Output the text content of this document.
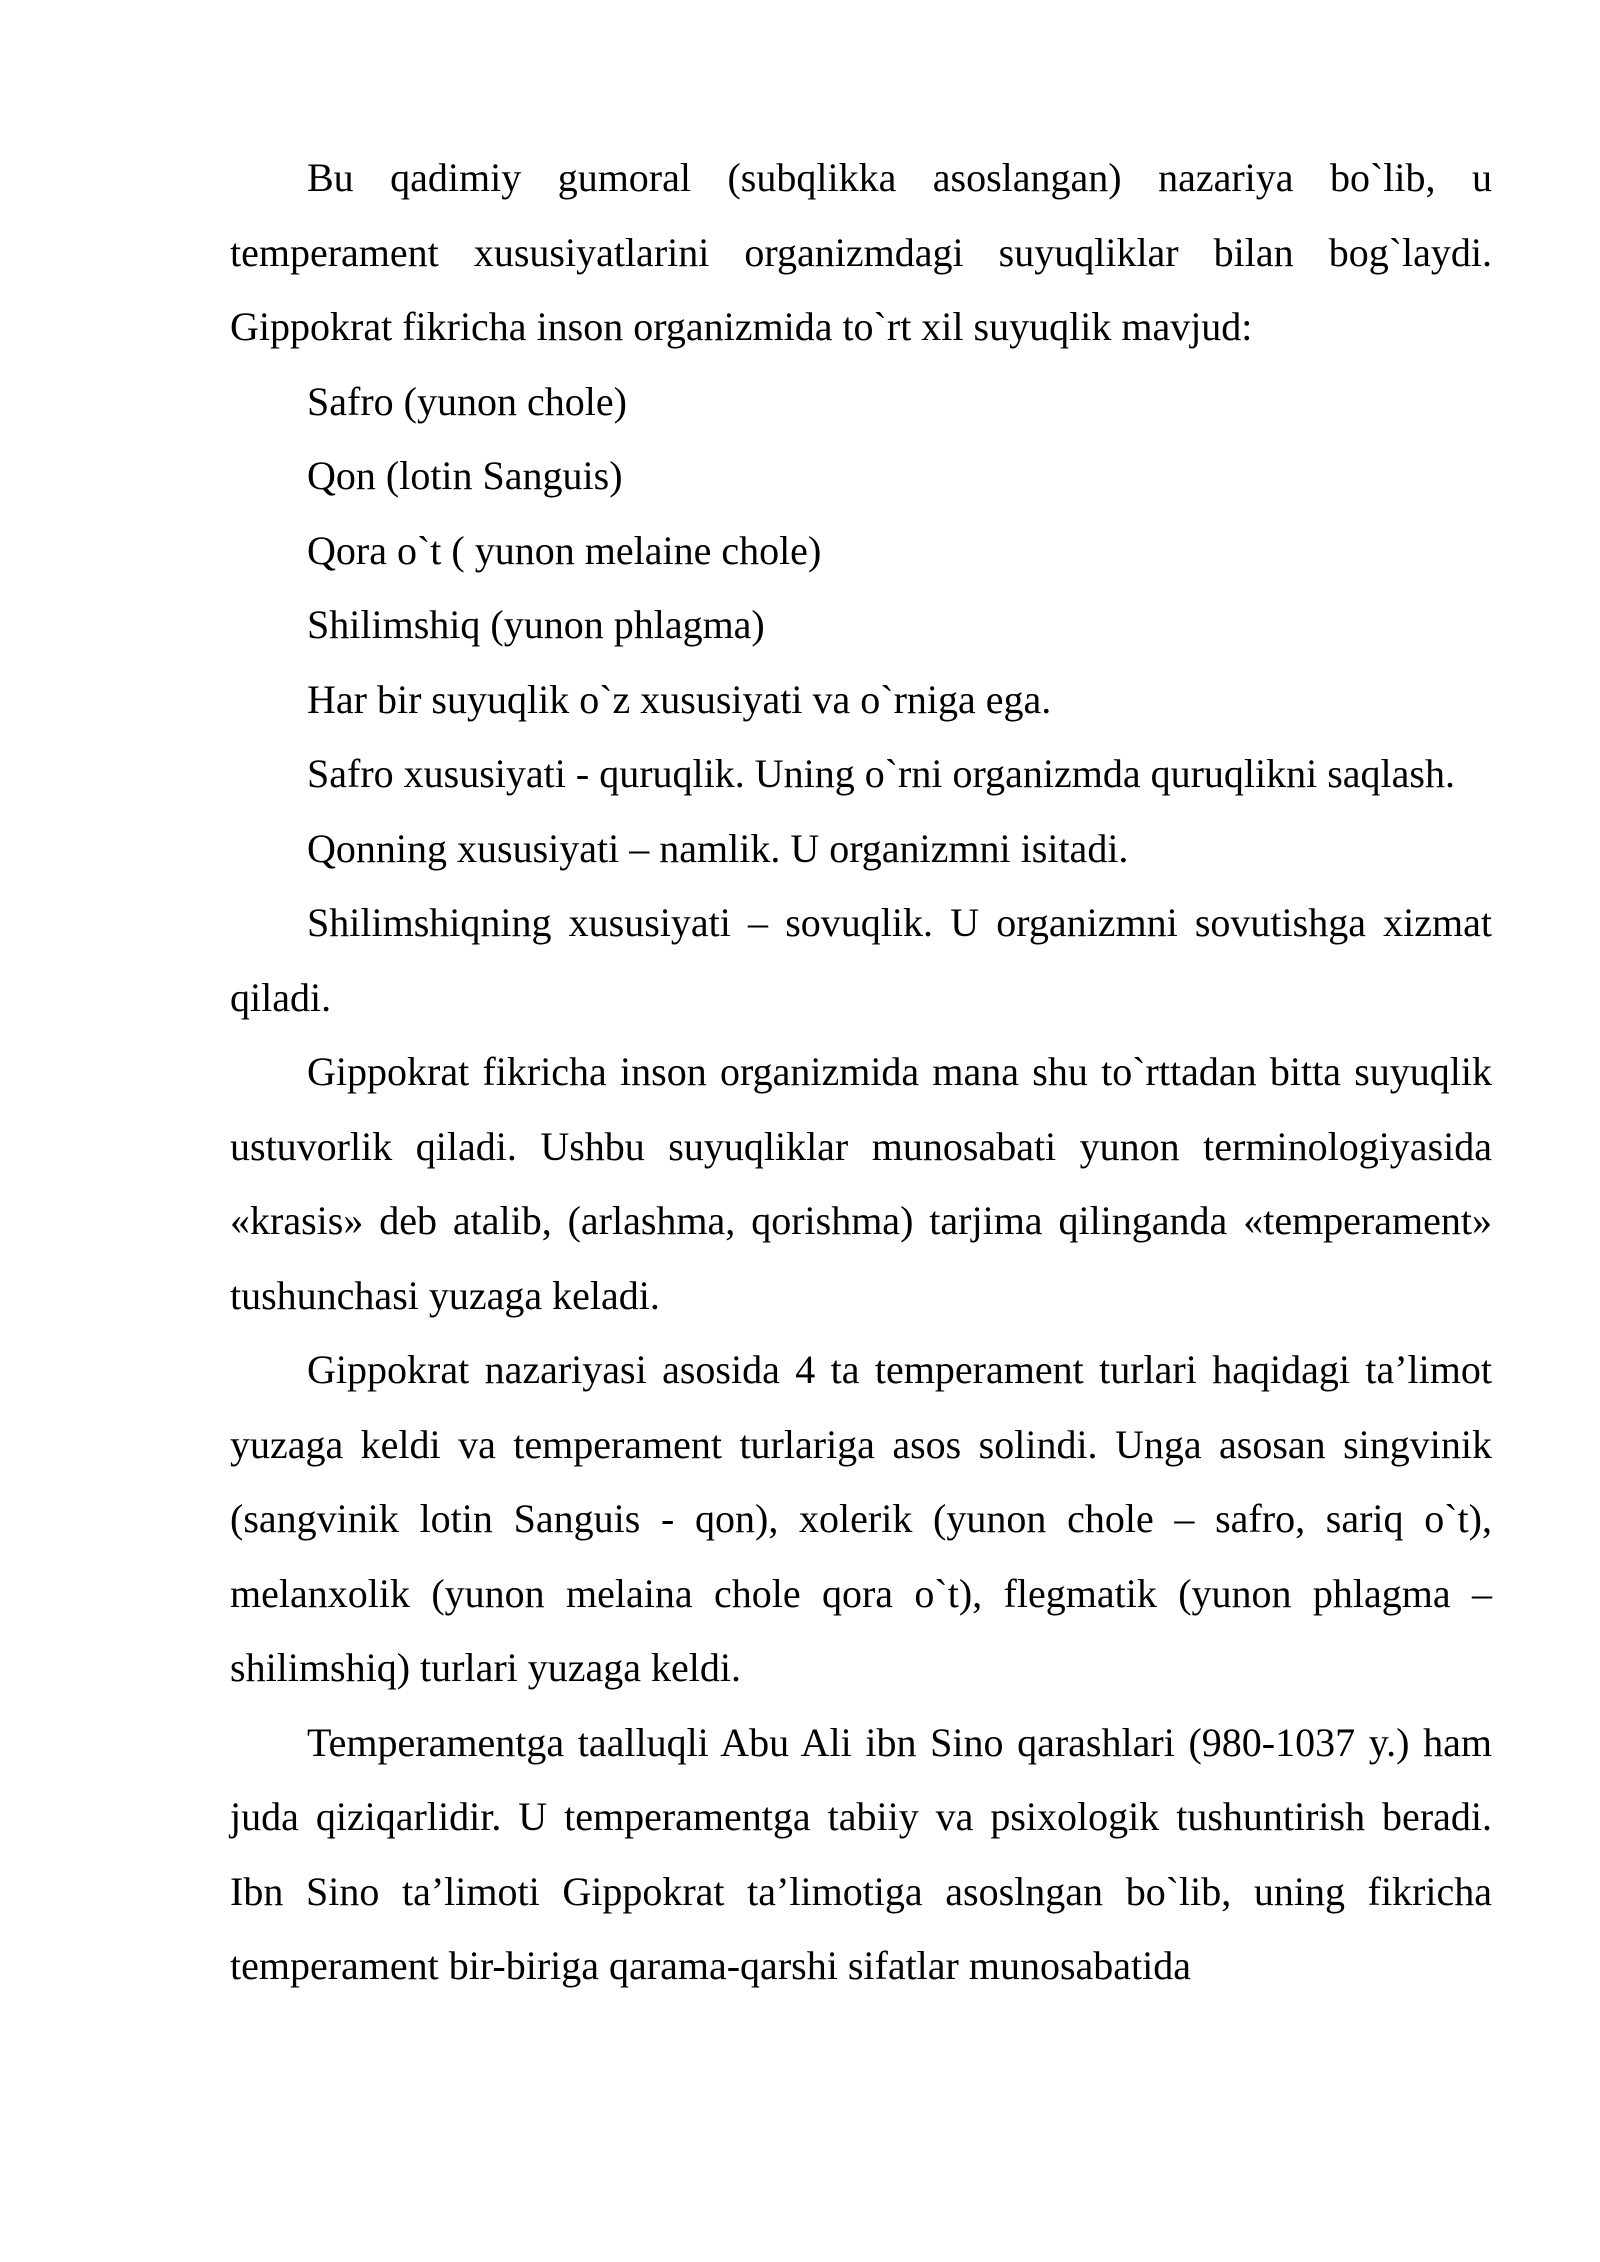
Bu qadimiy gumoral (subqlikka asoslangan) nazariya bo`lib, u temperament xususiyatlarini organizmdagi suyuqliklar bilan bog`laydi. Gippokrat fikricha inson organizmida to`rt xil suyuqlik mavjud:

Safro (yunon chole)

Qon (lotin Sanguis)

Qora o`t ( yunon melaine chole)

Shilimshiq (yunon phlagma)

Har bir suyuqlik o`z xususiyati va o`rniga ega.

Safro xususiyati - quruqlik. Uning o`rni organizmda quruqlikni saqlash.

Qonning xususiyati – namlik. U organizmni isitadi.

Shilimshiqning xususiyati – sovuqlik. U organizmni sovutishga xizmat qiladi.

Gippokrat fikricha inson organizmida mana shu to`rttadan bitta suyuqlik ustuvorlik qiladi. Ushbu suyuqliklar munosabati yunon terminologiyasida «krasis» deb atalib, (arlashma, qorishma) tarjima qilinganda «temperament»  tushunchasi yuzaga keladi.

Gippokrat nazariyasi asosida 4 ta temperament turlari haqidagi ta’limot yuzaga keldi va temperament turlariga asos solindi. Unga asosan singvinik (sangvinik lotin Sanguis - qon), xolerik (yunon chole – safro, sariq o`t), melanxolik (yunon melaina chole qora o`t), flegmatik (yunon phlagma – shilimshiq) turlari yuzaga keldi.

Temperamentga taalluqli Abu Ali ibn Sino qarashlari (980-1037 y.) ham juda qiziqarlidir. U temperamentga tabiiy va psixologik tushuntirish beradi. Ibn Sino ta’limoti Gippokrat ta’limotiga asoslngan bo`lib, uning fikricha temperament bir-biriga qarama-qarshi sifatlar munosabatida
